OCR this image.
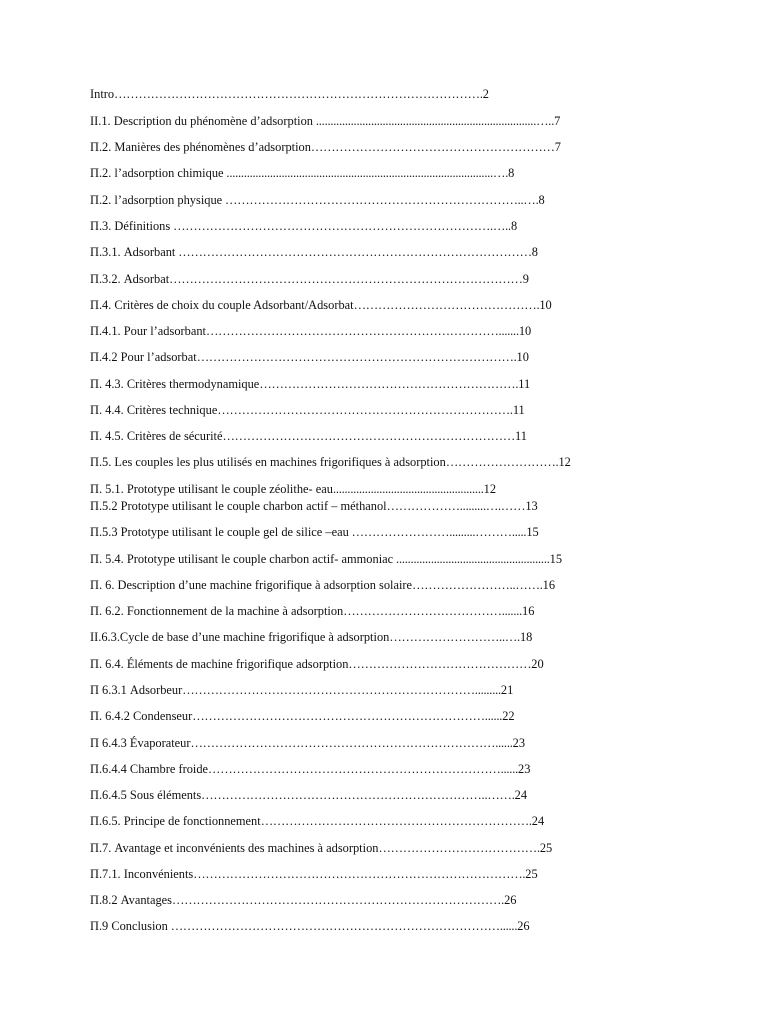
Intro……………………………………………………………………………….2
II.1. Description du phénomène d’adsorption ............................................................................…..7
Π.2. Manières des phénomènes d’adsorption……………………………………………………7
Π.2. l’adsorption chimique ............................................................................................….8
Π.2. l’adsorption physique ………………………………………………………………..….8
Π.3. Définitions …………………………………………………………………….…..8
Π.3.1. Adsorbant ……………………………………………………………………………8
Π.3.2. Adsorbat……………………………………………………………………………9
Π.4. Critères de choix du couple Adsorbant/Adsorbat……………………………………….10
Π.4.1. Pour l’adsorbant……………………………………………………………….......10
Π.4.2 Pour l’adsorbat…………………………………………………………………….10
Π. 4.3. Critères thermodynamique……………………………………………………….11
Π. 4.4. Critères technique……………………………………………………………….11
Π. 4.5. Critères de sécurité………………………………………………………………11
Π.5. Les couples les plus utilisés en machines frigorifiques à adsorption……………………….12
Π. 5.1. Prototype utilisant le couple zéolithe- eau....................................................12
Π.5.2 Prototype utilisant le couple charbon actif – méthanol……………….........….……13
Π.5.3 Prototype utilisant le couple gel de silice –eau …………………….........……….....15
Π. 5.4. Prototype utilisant le couple charbon actif- ammoniac .....................................................15
Π. 6. Description d’une machine frigorifique à adsorption solaire……………………..…….16
Π. 6.2. Fonctionnement de la machine à adsorption………………………………….......16
II.6.3.Cycle de base d’une machine frigorifique à adsorption………………………..….18
Π. 6.4. Éléments de machine frigorifique adsorption………………………………………20
Π 6.3.1 Adsorbeur……………………………………………………………….........21
Π. 6.4.2 Condenseur………………………………………………………………......22
Π 6.4.3 Évaporateur…………………………………………………………………......23
Π.6.4.4 Chambre froide………………………………………………………………......23
Π.6.4.5 Sous éléments……………………………………………………………..…….24
Π.6.5. Principe de fonctionnement………………………………………………………….24
Π.7. Avantage et inconvénients des machines à adsorption………………………………….25
Π.7.1. Inconvénients……………………………………………………………………….25
Π.8.2 Avantages……………………………………………………………………….26
Π.9 Conclusion ………………………………………………………………………......26
